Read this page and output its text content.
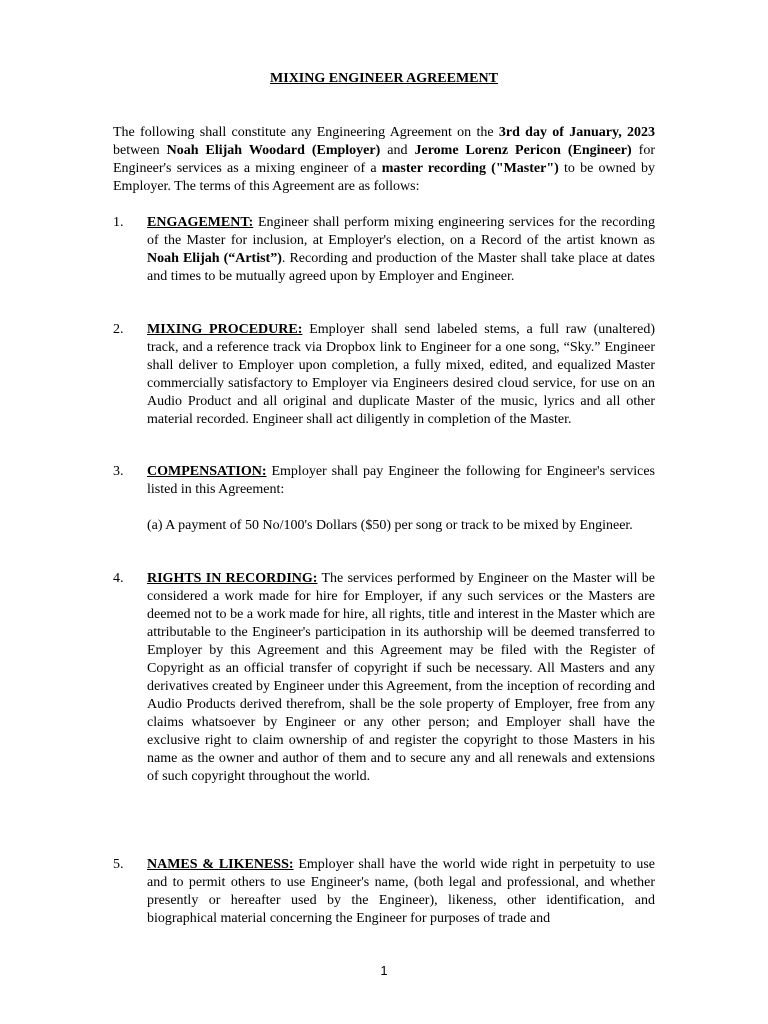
MIXING ENGINEER AGREEMENT
The following shall constitute any Engineering Agreement on the 3rd day of January, 2023 between Noah Elijah Woodard (Employer) and Jerome Lorenz Pericon (Engineer) for Engineer's services as a mixing engineer of a master recording ("Master") to be owned by Employer. The terms of this Agreement are as follows:
1.	ENGAGEMENT: Engineer shall perform mixing engineering services for the recording of the Master for inclusion, at Employer's election, on a Record of the artist known as Noah Elijah (“Artist”). Recording and production of the Master shall take place at dates and times to be mutually agreed upon by Employer and Engineer.
2.	MIXING PROCEDURE: Employer shall send labeled stems, a full raw (unaltered) track, and a reference track via Dropbox link to Engineer for a one song, “Sky.” Engineer shall deliver to Employer upon completion, a fully mixed, edited, and equalized Master commercially satisfactory to Employer via Engineers desired cloud service, for use on an Audio Product and all original and duplicate Master of the music, lyrics and all other material recorded. Engineer shall act diligently in completion of the Master.
3.	COMPENSATION: Employer shall pay Engineer the following for Engineer's services listed in this Agreement:
(a) A payment of 50 No/100's Dollars ($50) per song or track to be mixed by Engineer.
4.	RIGHTS IN RECORDING: The services performed by Engineer on the Master will be considered a work made for hire for Employer, if any such services or the Masters are deemed not to be a work made for hire, all rights, title and interest in the Master which are attributable to the Engineer's participation in its authorship will be deemed transferred to Employer by this Agreement and this Agreement may be filed with the Register of Copyright as an official transfer of copyright if such be necessary. All Masters and any derivatives created by Engineer under this Agreement, from the inception of recording and Audio Products derived therefrom, shall be the sole property of Employer, free from any claims whatsoever by Engineer or any other person; and Employer shall have the exclusive right to claim ownership of and register the copyright to those Masters in his name as the owner and author of them and to secure any and all renewals and extensions of such copyright throughout the world.
5.	NAMES & LIKENESS: Employer shall have the world wide right in perpetuity to use and to permit others to use Engineer's name, (both legal and professional, and whether presently or hereafter used by the Engineer), likeness, other identification, and biographical material concerning the Engineer for purposes of trade and
1
